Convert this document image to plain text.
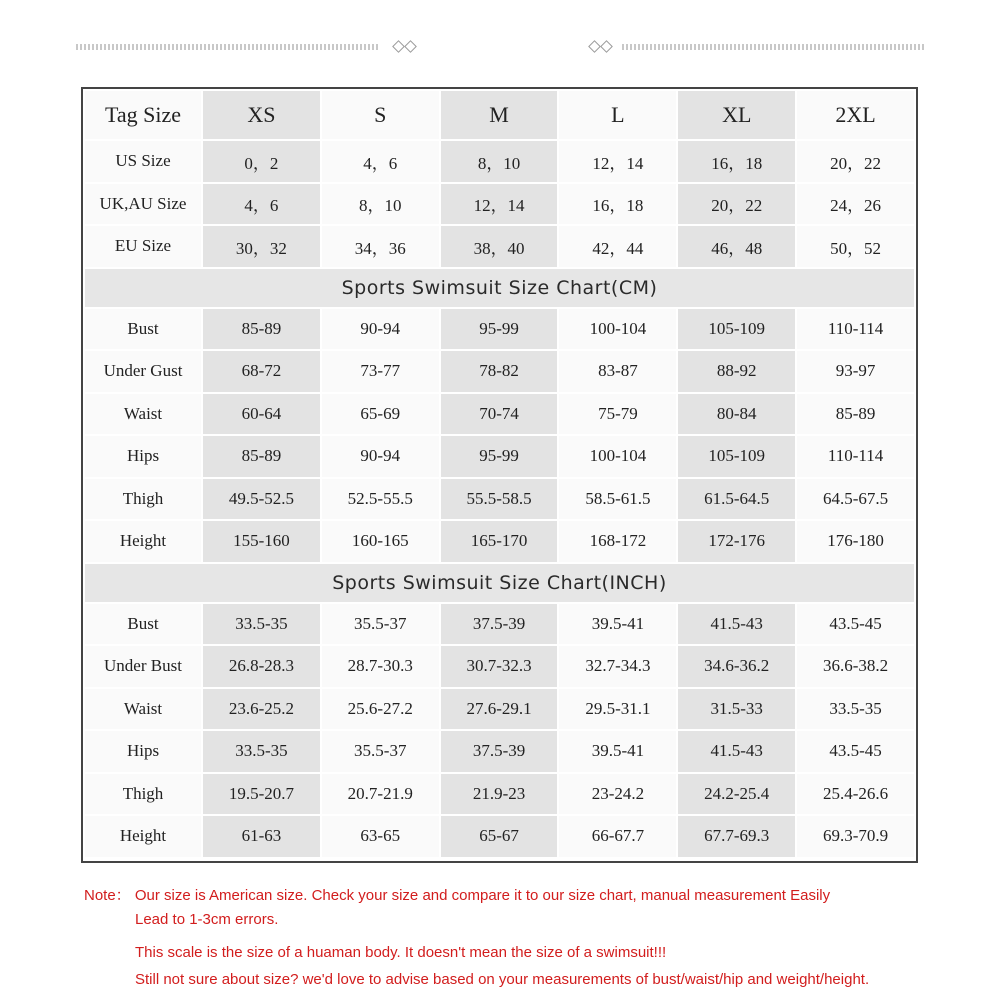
Tag Size	XS	S	M	L	XL	2XL
US Size	0，2	4，6	8，10	12，14	16，18	20，22
UK,AU Size	4，6	8，10	12，14	16，18	20，22	24，26
EU Size	30，32	34，36	38，40	42，44	46，48	50，52
Sports Swimsuit Size Chart(CM)						
Bust	85-89	90-94	95-99	100-104	105-109	110-114
Under Gust	68-72	73-77	78-82	83-87	88-92	93-97
Waist	60-64	65-69	70-74	75-79	80-84	85-89
Hips	85-89	90-94	95-99	100-104	105-109	110-114
Thigh	49.5-52.5	52.5-55.5	55.5-58.5	58.5-61.5	61.5-64.5	64.5-67.5
Height	155-160	160-165	165-170	168-172	172-176	176-180
Sports Swimsuit Size Chart(INCH)						
Bust	33.5-35	35.5-37	37.5-39	39.5-41	41.5-43	43.5-45
Under Bust	26.8-28.3	28.7-30.3	30.7-32.3	32.7-34.3	34.6-36.2	36.6-38.2
Waist	23.6-25.2	25.6-27.2	27.6-29.1	29.5-31.1	31.5-33	33.5-35
Hips	33.5-35	35.5-37	37.5-39	39.5-41	41.5-43	43.5-45
Thigh	19.5-20.7	20.7-21.9	21.9-23	23-24.2	24.2-25.4	25.4-26.6
Height	61-63	63-65	65-67	66-67.7	67.7-69.3	69.3-70.9
Note： Our size is American size. Check your size and compare it to our size chart, manual measurement Easily
Lead to 1-3cm errors.
This scale is the size of a huaman body. It doesn't mean the size of a swimsuit!!!
Still not sure about size? we'd love to advise based on your measurements of bust/waist/hip and weight/height.
